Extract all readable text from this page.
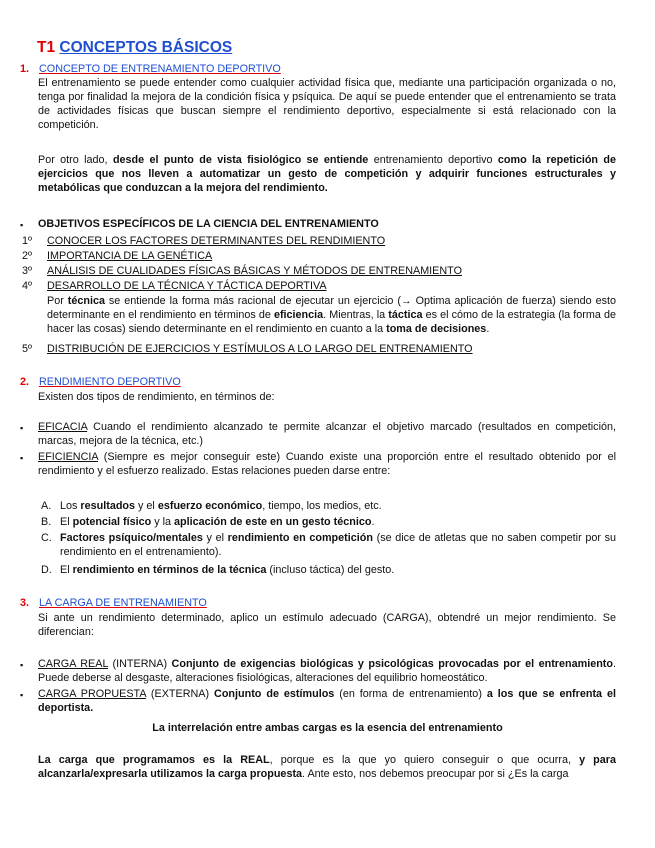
T1 CONCEPTOS BÁSICOS
1. CONCEPTO DE ENTRENAMIENTO DEPORTIVO

El entrenamiento se puede entender como cualquier actividad física que, mediante una participación organizada o no, tenga por finalidad la mejora de la condición física y psíquica. De aquí se puede entender que el entrenamiento se trata de actividades físicas que buscan siempre el rendimiento deportivo, especialmente si está relacionado con la competición.

Por otro lado, desde el punto de vista fisiológico se entiende entrenamiento deportivo como la repetición de ejercicios que nos lleven a automatizar un gesto de competición y adquirir funciones estructurales y metabólicas que conduzcan a la mejora del rendimiento.

▪ OBJETIVOS ESPECÍFICOS DE LA CIENCIA DEL ENTRENAMIENTO
1º CONOCER LOS FACTORES DETERMINANTES DEL RENDIMIENTO
2º IMPORTANCIA DE LA GENÉTICA
3º ANÁLISIS DE CUALIDADES FÍSICAS BÁSICAS Y MÉTODOS DE ENTRENAMIENTO
4º DESARROLLO DE LA TÉCNICA Y TÁCTICA DEPORTIVA

Por técnica se entiende la forma más racional de ejecutar un ejercicio (→ Optima aplicación de fuerza) siendo esto determinante en el rendimiento en términos de eficiencia. Mientras, la táctica es el cómo de la estrategia (la forma de hacer las cosas) siendo determinante en el rendimiento en cuanto a la toma de decisiones.

5º DISTRIBUCIÓN DE EJERCICIOS Y ESTÍMULOS A LO LARGO DEL ENTRENAMIENTO
2. RENDIMIENTO DEPORTIVO

Existen dos tipos de rendimiento, en términos de:

▪ EFICACIA Cuando el rendimiento alcanzado te permite alcanzar el objetivo marcado (resultados en competición, marcas, mejora de la técnica, etc.)
▪ EFICIENCIA (Siempre es mejor conseguir este) Cuando existe una proporción entre el resultado obtenido por el rendimiento y el esfuerzo realizado. Estas relaciones pueden darse entre:
A. Los resultados y el esfuerzo económico, tiempo, los medios, etc.
B. El potencial físico y la aplicación de este en un gesto técnico.
C. Factores psíquico/mentales y el rendimiento en competición (se dice de atletas que no saben competir por su rendimiento en el entrenamiento).
D. El rendimiento en términos de la técnica (incluso táctica) del gesto.
3. LA CARGA DE ENTRENAMIENTO

Si ante un rendimiento determinado, aplico un estímulo adecuado (CARGA), obtendré un mejor rendimiento. Se diferencian:

▪ CARGA REAL (INTERNA) Conjunto de exigencias biológicas y psicológicas provocadas por el entrenamiento. Puede deberse al desgaste, alteraciones fisiológicas, alteraciones del equilibrio homeostático.
▪ CARGA PROPUESTA (EXTERNA) Conjunto de estímulos (en forma de entrenamiento) a los que se enfrenta el deportista.
La interrelación entre ambas cargas es la esencia del entrenamiento

La carga que programamos es la REAL, porque es la que yo quiero conseguir o que ocurra, y para alcanzarla/expresarla utilizamos la carga propuesta. Ante esto, nos debemos preocupar por si ¿Es la carga
